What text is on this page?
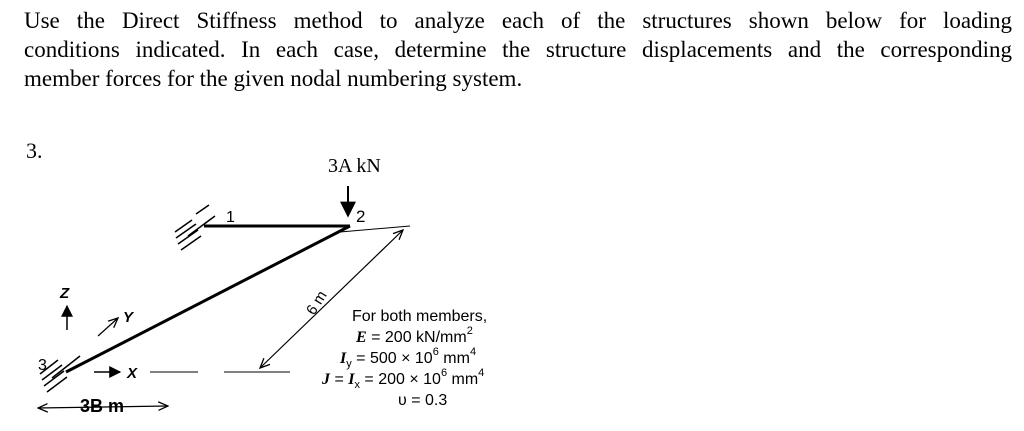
Use the Direct Stiffness method to analyze each of the structures shown below for loading
conditions indicated. In each case, determine the structure displacements and the corresponding
member forces for the given nodal numbering system.
3.
1	2
3
Z
Y
X
6 m
3B m
3A kN
For both members,
E = 200 $kN/mm^2$
$I_y = 500 \times 10^6$ $mm^4$
$J = I_x = 200 \times 10^6$ $mm^4$
υ = 0.3
